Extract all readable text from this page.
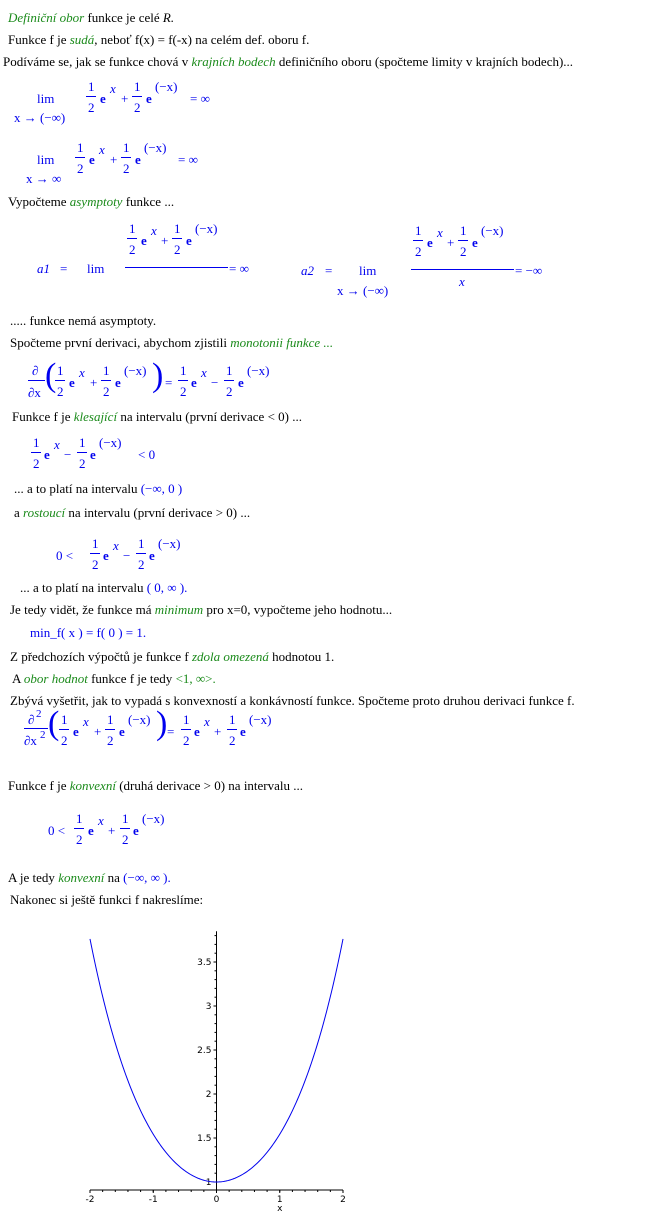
Definiční obor funkce je celé R.
Funkce f je sudá, neboť f(x) = f(-x) na celém def. oboru f.
Podíváme se, jak se funkce chová v krajních bodech definičního oboru (spočteme limity v krajních bodech)...
lim
x → (−∞)
1
2
e
x
+
1
2
e
(−x)
= ∞
lim
x → ∞
1
2
e
x
+
1
2
e
(−x)
= ∞
Vypočteme asymptoty funkce ...
a1 = lim
1
2
e
x
+
1
2
e
(−x)
= ∞	a2 = lim
x → (−∞)
1
2
e
x
+
1
2
e
(−x)
x
= −∞
..... funkce nemá asymptoty.
Spočteme první derivaci, abychom zjistili monotonii funkce ...
∂
∂x ( 1
2
e
x
+
1
2
e
(−x) ) =
1
2
e
x
−
1
2
e
(−x)
Funkce f je klesající na intervalu (první derivace < 0) ...
1
2
e
x
−
1
2
e
(−x)
< 0
... a to platí na intervalu (−∞, 0 )
a rostoucí na intervalu (první derivace > 0) ...
0 <
1
2
e
x
−
1
2
e
(−x)
... a to platí na intervalu ( 0, ∞ ).
Je tedy vidět, že funkce má minimum pro x=0, vypočteme jeho hodnotu...
min_f( x ) = f( 0 ) = 1.
Z předchozích výpočtů je funkce f zdola omezená hodnotou 1.
A obor hodnot funkce f je tedy <1, ∞>.
Zbývá vyšetřit, jak to vypadá s konvexností a konkávností funkce. Spočteme proto druhou derivaci funkce f.
∂ 2
∂x 2 ( 1
2
e
x
+
1
2
e
(−x) ) =
1
2
e
x
+
1
2
e
(−x)
Funkce f je konvexní (druhá derivace > 0) na intervalu ...
0 <
1
2
e
x
+
1
2
e
(−x)
A je tedy konvexní na (−∞, ∞ ).
Nakonec si ještě funkci f nakreslíme:
-2	-1	0	1	2
1
1.5
2
2.5
3
3.5
x
